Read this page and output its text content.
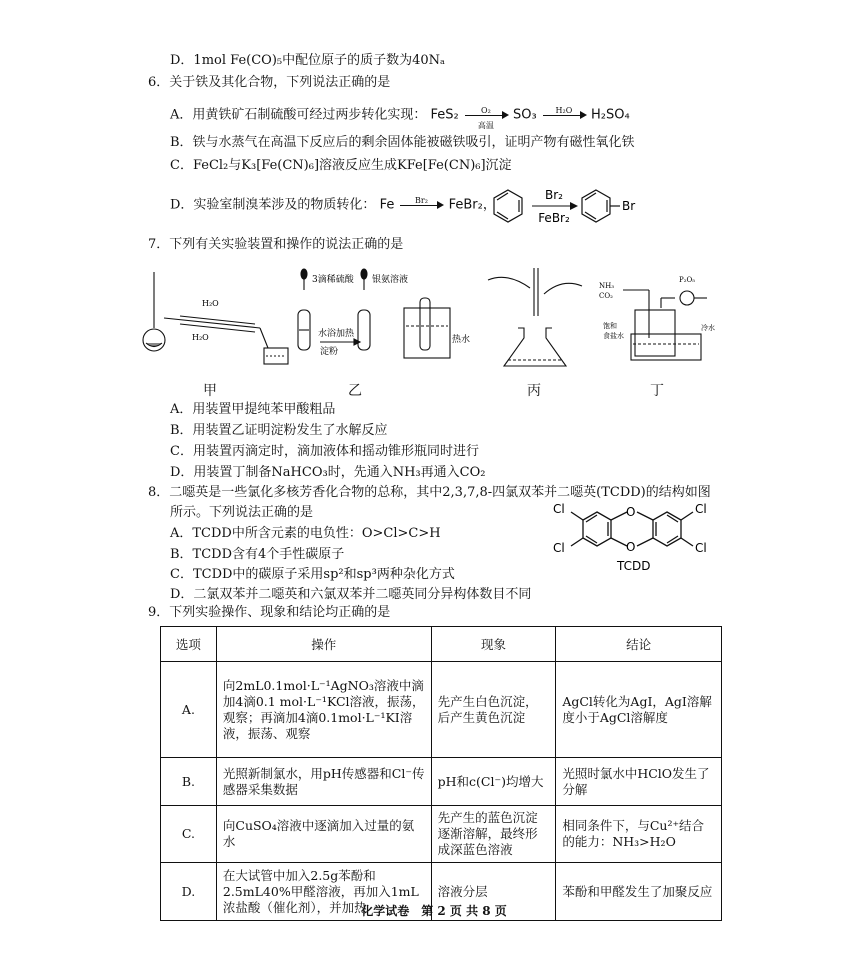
D．1mol Fe(CO)₅中配位原子的质子数为40Nₐ
6．关于铁及其化合物，下列说法正确的是
A．用黄铁矿石制硫酸可经过两步转化实现： FeS₂	O₂
高温
SO₃	H₂O	H₂SO₄
B．铁与水蒸气在高温下反应后的剩余固体能被磁铁吸引，证明产物有磁性氧化铁
C．FeCl₂与K₃[Fe(CN)₆]溶液反应生成KFe[Fe(CN)₆]沉淀
D．实验室制溴苯涉及的物质转化： Fe	Br₂	FeBr₂，
Br₂
FeBr₂
Br
7．下列有关实验装置和操作的说法正确的是
H₂O
H₂O
甲
3滴稀硫酸 银氨溶液
水浴加热
淀粉
热水
乙	丙
NH₃
CO₂
P₂O₅
饱和
食盐水
冷水
丁
A．用装置甲提纯苯甲酸粗品
B．用装置乙证明淀粉发生了水解反应
C．用装置丙滴定时，滴加液体和摇动锥形瓶同时进行
D．用装置丁制备NaHCO₃时，先通入NH₃再通入CO₂
8．二噁英是一些氯化多核芳香化合物的总称，其中2,3,7,8-四氯双苯并二噁英(TCDD)的结构如图
所示。下列说法正确的是
A．TCDD中所含元素的电负性：O>Cl>C>H
B．TCDD含有4个手性碳原子
C．TCDD中的碳原子采用sp²和sp³两种杂化方式
D．二氯双苯并二噁英和六氯双苯并二噁英同分异构体数目不同
O
O
Cl
Cl
Cl
Cl
TCDD
9．下列实验操作、现象和结论均正确的是
选项	操作	现象	结论
A.	向2mL0.1mol·L⁻¹AgNO₃溶液中滴加4滴0.1 mol·L⁻¹KCl溶液，振荡，观察；再滴加4滴0.1mol·L⁻¹KI溶液，振荡、观察	先产生白色沉淀，后产生黄色沉淀	AgCl转化为AgI，AgI溶解度小于AgCl溶解度
B.	光照新制氯水，用pH传感器和Cl⁻传感器采集数据	pH和c(Cl⁻)均增大	光照时氯水中HClO发生了分解
C.	向CuSO₄溶液中逐滴加入过量的氨水	先产生的蓝色沉淀逐渐溶解，最终形成深蓝色溶液	相同条件下，与Cu²⁺结合的能力：NH₃>H₂O
D.	在大试管中加入2.5g苯酚和2.5mL40%甲醛溶液，再加入1mL浓盐酸（催化剂），并加热	溶液分层	苯酚和甲醛发生了加聚反应
化学试卷　第 2 页 共 8 页
